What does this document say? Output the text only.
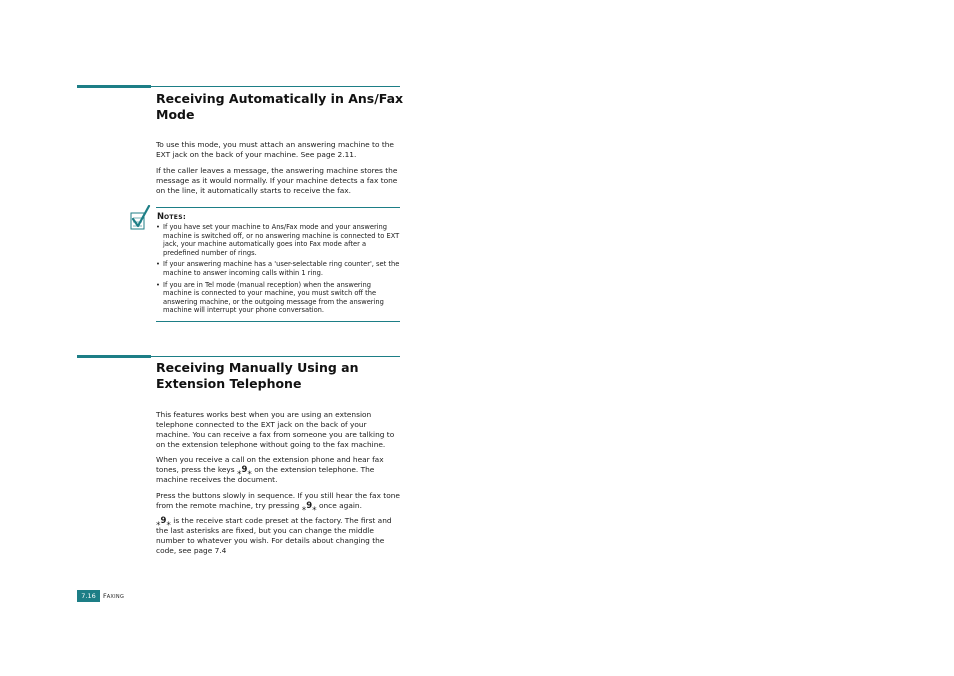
Receiving Automatically in Ans/Fax Mode

To use this mode, you must attach an answering machine to the EXT jack on the back of your machine. See page 2.11.

If the caller leaves a message, the answering machine stores the message as it would normally. If your machine detects a fax tone on the line, it automatically starts to receive the fax.

NOTES:

• If you have set your machine to Ans/Fax mode and your answering machine is switched off, or no answering machine is connected to EXT jack, your machine automatically goes into Fax mode after a predefined number of rings.
• If your answering machine has a 'user-selectable ring counter', set the machine to answer incoming calls within 1 ring.
• If you are in Tel mode (manual reception) when the answering machine is connected to your machine, you must switch off the answering machine, or the outgoing message from the answering machine will interrupt your phone conversation.
Receiving Manually Using an Extension Telephone

This features works best when you are using an extension telephone connected to the EXT jack on the back of your machine. You can receive a fax from someone you are talking to on the extension telephone without going to the fax machine.

When you receive a call on the extension phone and hear fax tones, press the keys ⁎9⁎ on the extension telephone. The machine receives the document.

Press the buttons slowly in sequence. If you still hear the fax tone from the remote machine, try pressing ⁎9⁎ once again.

⁎9⁎ is the receive start code preset at the factory. The first and the last asterisks are fixed, but you can change the middle number to whatever you wish. For details about changing the code, see page 7.4

7.16	FAXING
